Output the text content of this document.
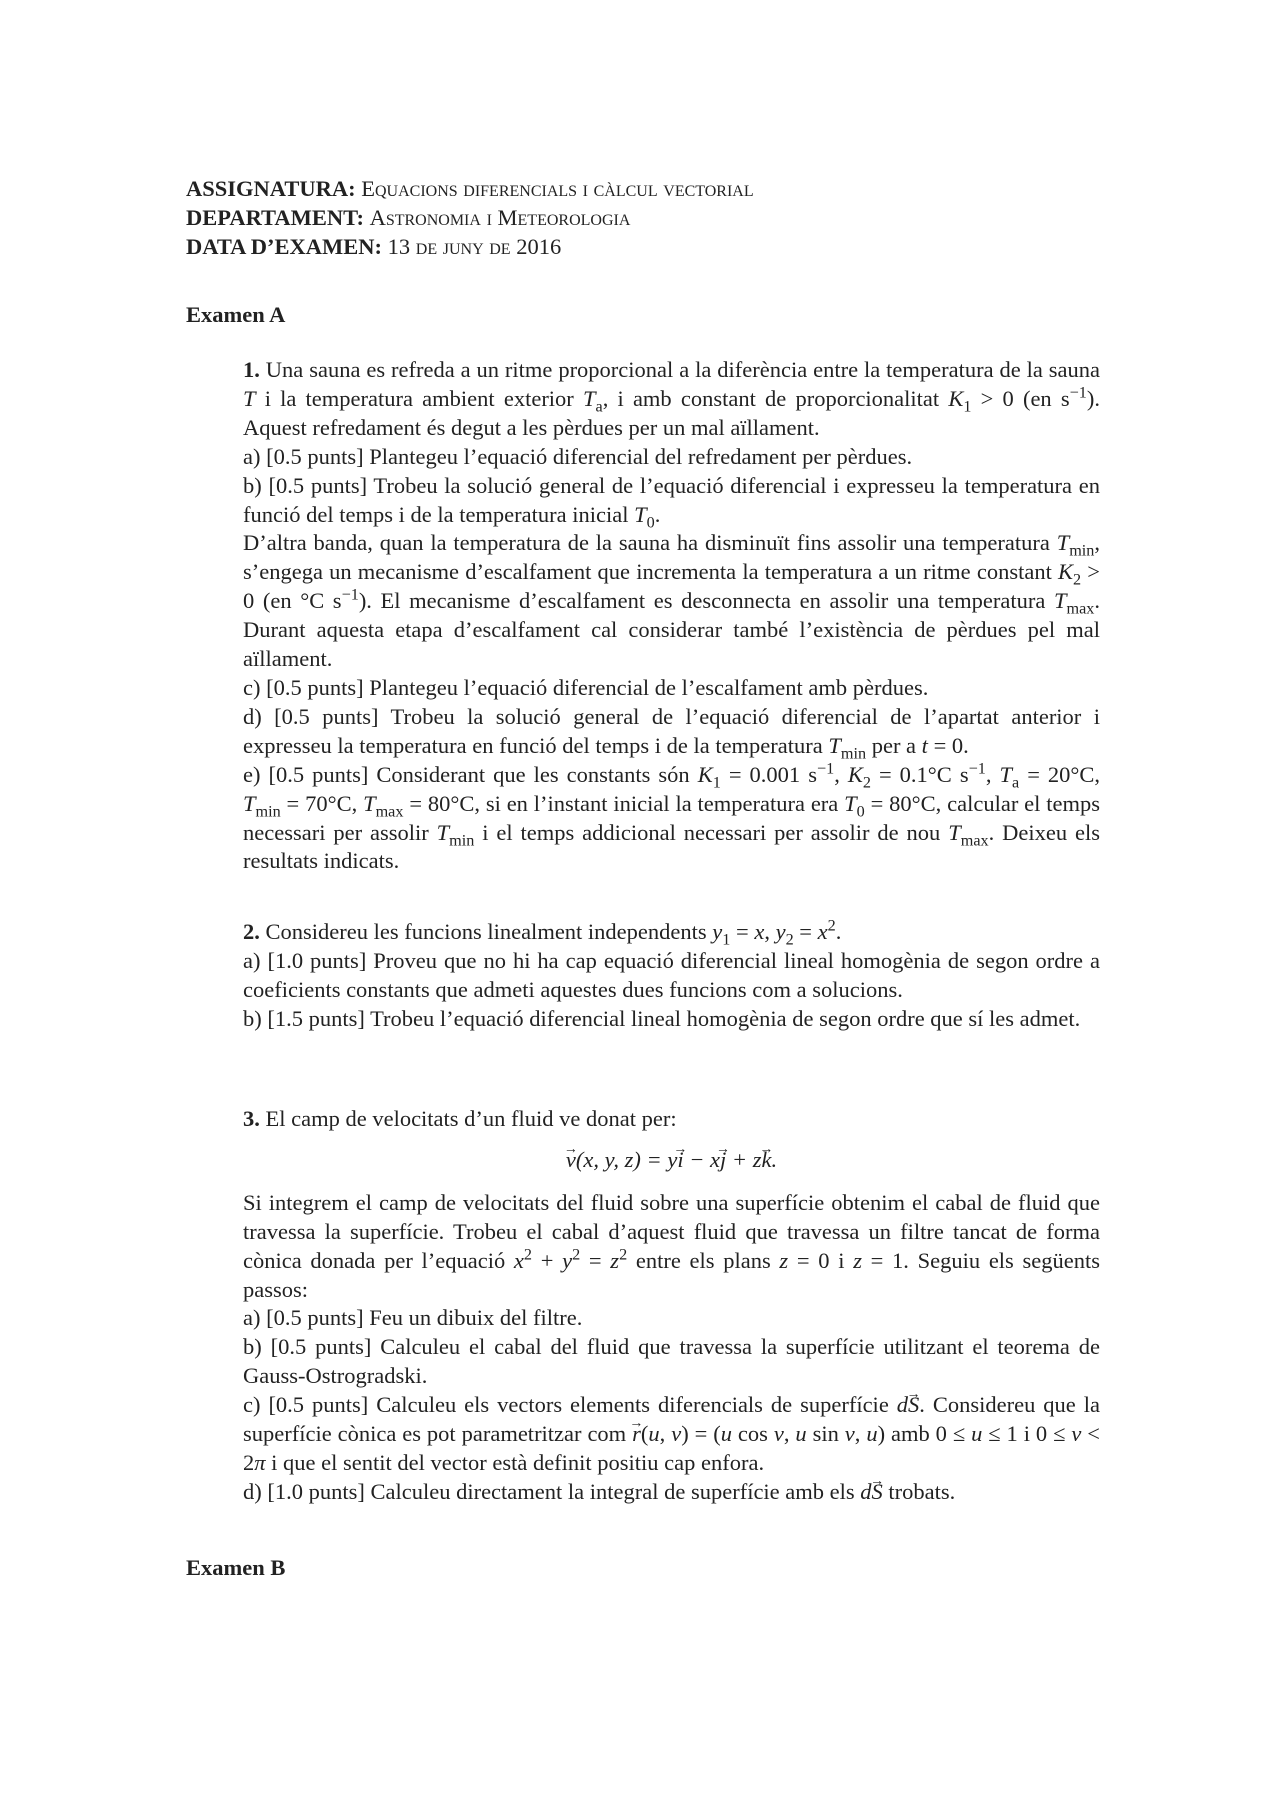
ASSIGNATURA: Equacions diferencials i càlcul vectorial
DEPARTAMENT: Astronomia i Meteorologia
DATA D’EXAMEN: 13 de juny de 2016
Examen A

1. Una sauna es refreda a un ritme proporcional a la diferència entre la temperatura de la sauna T i la temperatura ambient exterior $T_a$, i amb constant de proporcionalitat $K_1 > 0$ (en $s^{-1}$). Aquest refredament és degut a les pèrdues per un mal aïllament.

a) [0.5 punts] Plantegeu l’equació diferencial del refredament per pèrdues.

b) [0.5 punts] Trobeu la solució general de l’equació diferencial i expresseu la temperatura en funció del temps i de la temperatura inicial $T_0$.

D’altra banda, quan la temperatura de la sauna ha disminuït fins assolir una temperatura $T_{min}$, s’engega un mecanisme d’escalfament que incrementa la temperatura a un ritme constant $K_2 > 0$ (en °C $s^{-1}$). El mecanisme d’escalfament es desconnecta en assolir una temperatura $T_{max}$. Durant aquesta etapa d’escalfament cal considerar també l’existència de pèrdues pel mal aïllament.

c) [0.5 punts] Plantegeu l’equació diferencial de l’escalfament amb pèrdues.

d) [0.5 punts] Trobeu la solució general de l’equació diferencial de l’apartat anterior i expresseu la temperatura en funció del temps i de la temperatura $T_{min}$ per a t = 0.

e) [0.5 punts] Considerant que les constants són $K_1 = 0.001$ $s^{-1}$, $K_2 = 0.1^\circ C$ $s^{-1}$, $T_a = 20^\circ C$, $T_{min} = 70^\circ C$, $T_{max} = 80^\circ C$, si en l’instant inicial la temperatura era $T_0 = 80^\circ C$, calcular el temps necessari per assolir $T_{min}$ i el temps addicional necessari per assolir de nou $T_{max}$. Deixeu els resultats indicats.

2. Considereu les funcions linealment independents $y_1 = x$, $y_2 = x^2$.

a) [1.0 punts] Proveu que no hi ha cap equació diferencial lineal homogènia de segon ordre a coeficients constants que admeti aquestes dues funcions com a solucions.

b) [1.5 punts] Trobeu l’equació diferencial lineal homogènia de segon ordre que sí les admet.

3. El camp de velocitats d’un fluid ve donat per:

→ v(x, y, z) = y→ i − x→ j + z→ k.

Si integrem el camp de velocitats del fluid sobre una superfície obtenim el cabal de fluid que travessa la superfície. Trobeu el cabal d’aquest fluid que travessa un filtre tancat de forma cònica donada per l’equació $x^2 + y^2 = z^2$ entre els plans z = 0 i z = 1. Seguiu els següents passos:

a) [0.5 punts] Feu un dibuix del filtre.

b) [0.5 punts] Calculeu el cabal del fluid que travessa la superfície utilitzant el teorema de Gauss-Ostrogradski.

c) [0.5 punts] Calculeu els vectors elements diferencials de superfície d→ S. Considereu que la superfície cònica es pot parametritzar com → r(u, v) = (u cos v, u sin v, u) amb 0 ≤ u ≤ 1 i 0 ≤ v < 2π i que el sentit del vector està definit positiu cap enfora.

d) [1.0 punts] Calculeu directament la integral de superfície amb els d→ S trobats.

Examen B
